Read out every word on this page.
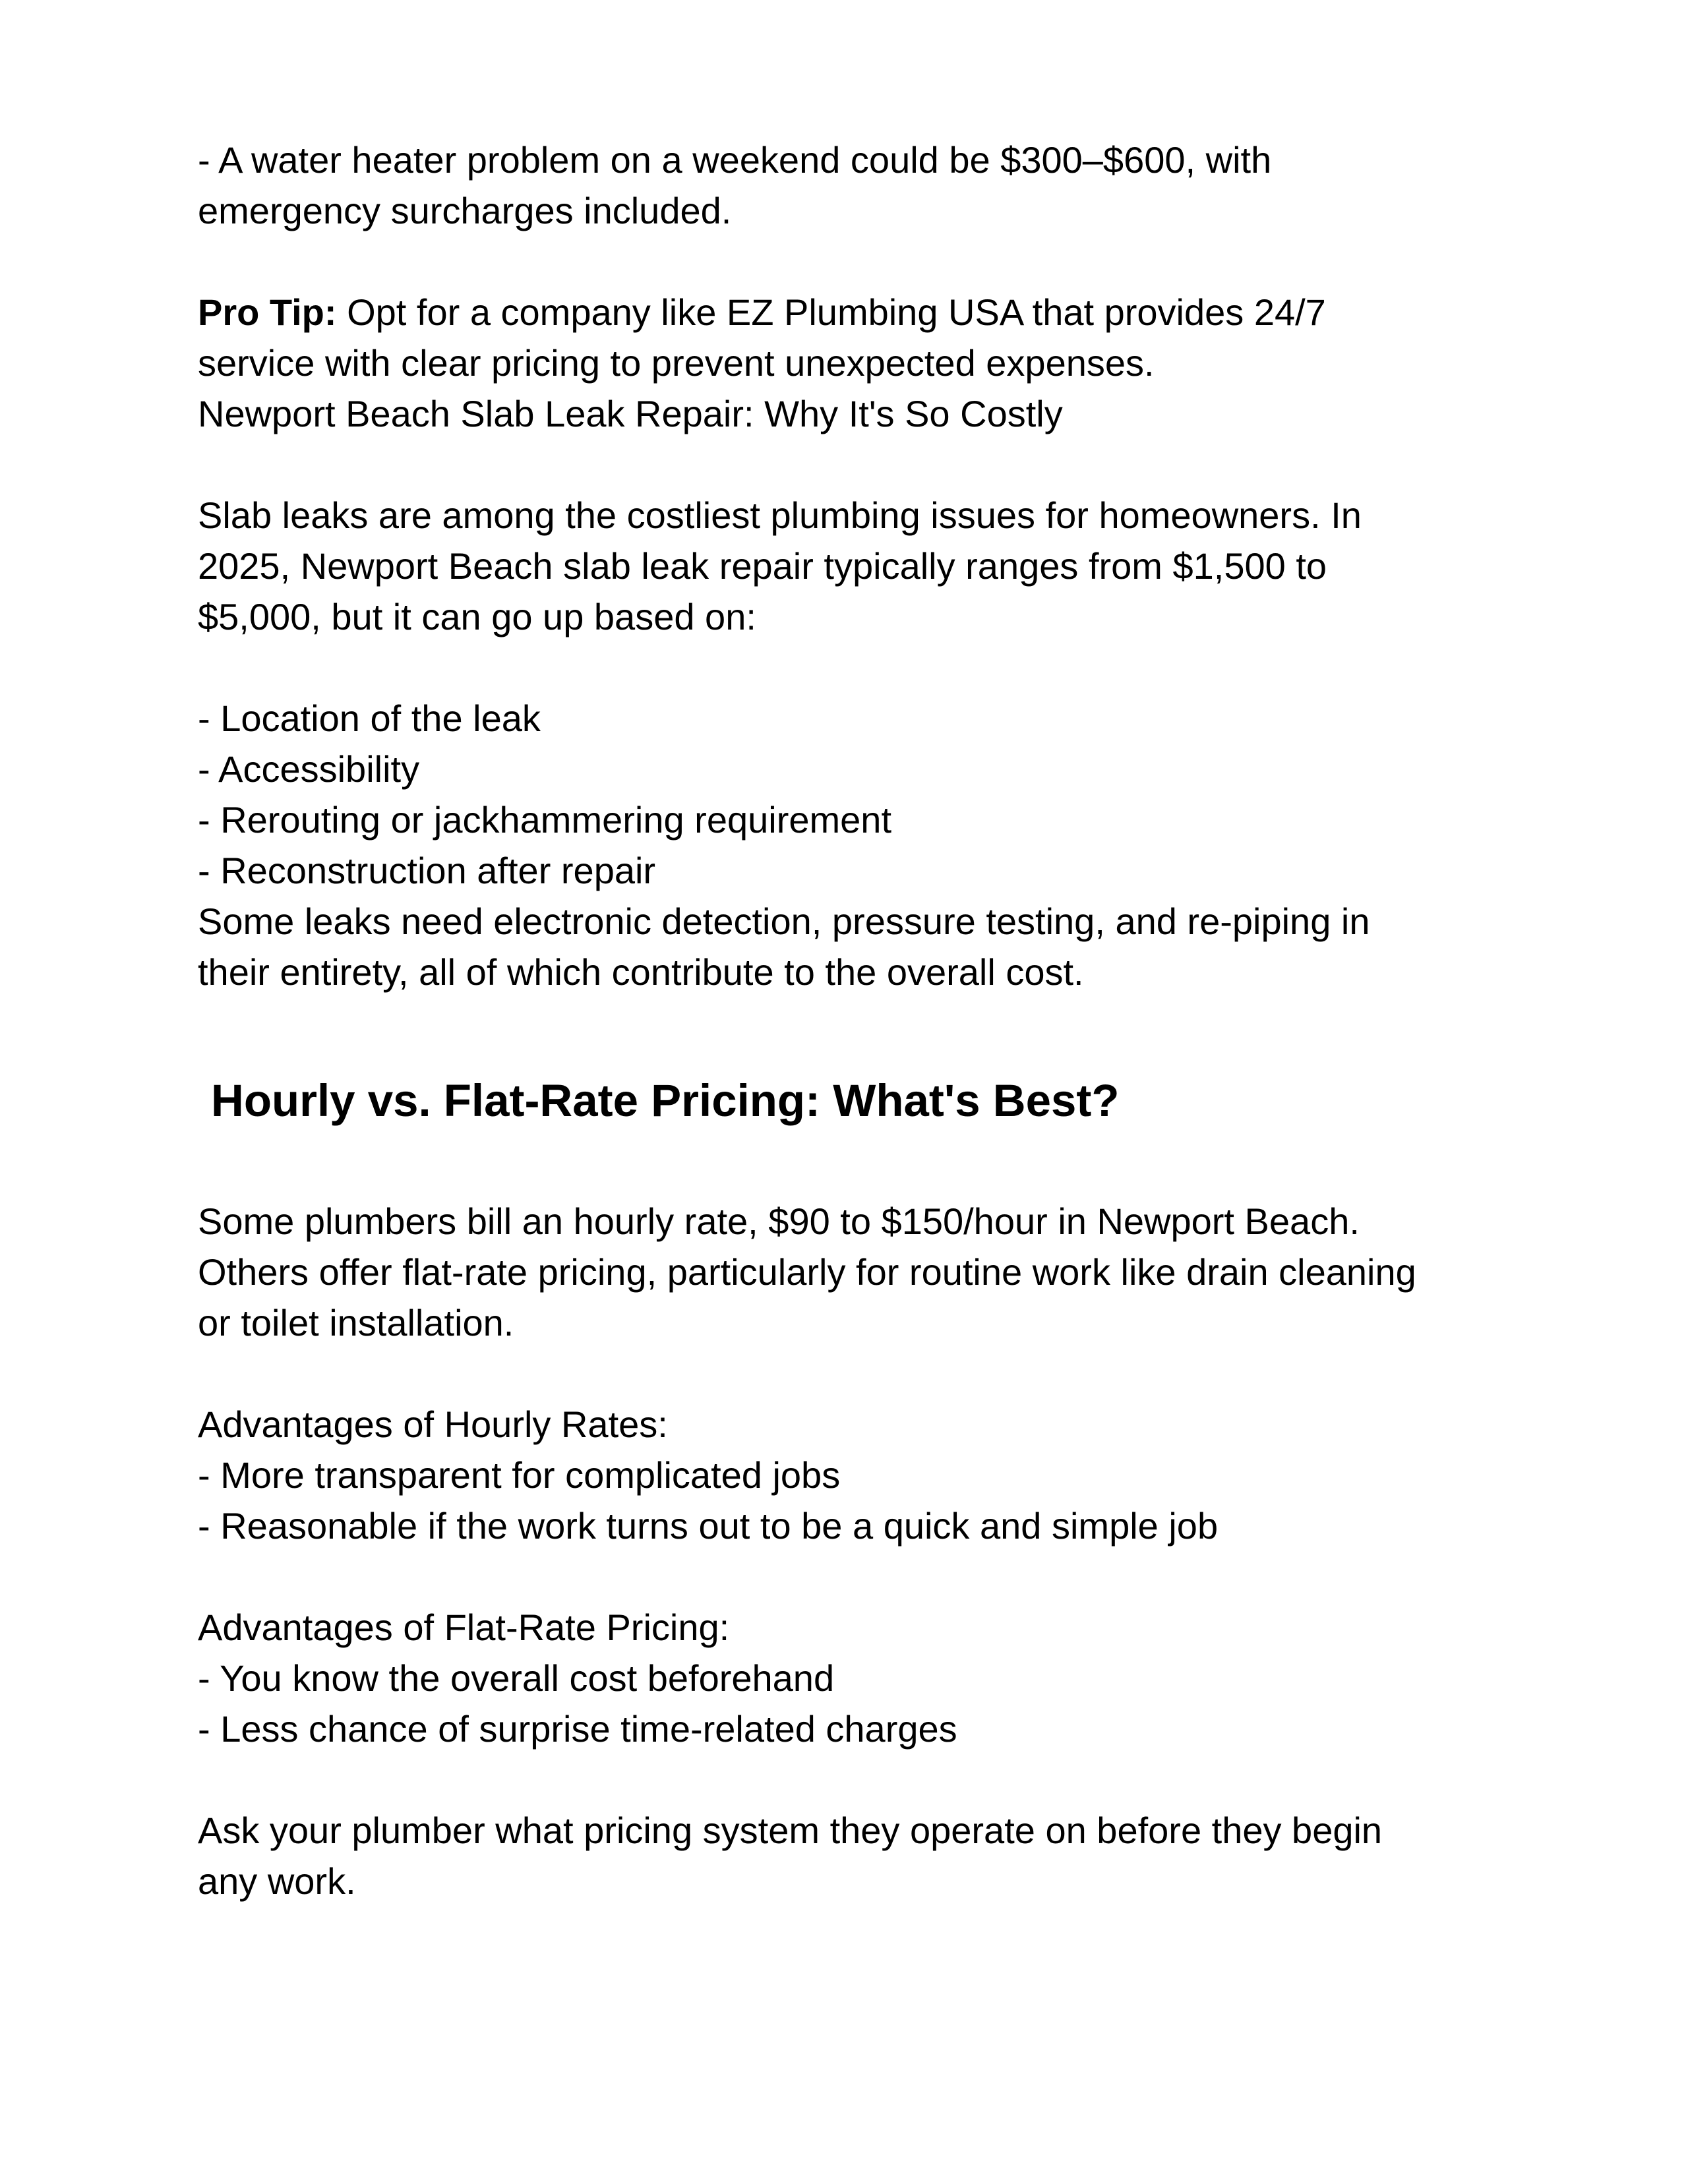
- A water heater problem on a weekend could be $300–$600, with

emergency surcharges included.

Pro Tip: Opt for a company like EZ Plumbing USA that provides 24/7

service with clear pricing to prevent unexpected expenses.

Newport Beach Slab Leak Repair: Why It's So Costly

Slab leaks are among the costliest plumbing issues for homeowners. In

2025, Newport Beach slab leak repair typically ranges from $1,500 to

$5,000, but it can go up based on:

- Location of the leak

- Accessibility

- Rerouting or jackhammering requirement

- Reconstruction after repair

Some leaks need electronic detection, pressure testing, and re-piping in

their entirety, all of which contribute to the overall cost.

Hourly vs. Flat-Rate Pricing: What's Best?

Some plumbers bill an hourly rate, $90 to $150/hour in Newport Beach.

Others offer flat-rate pricing, particularly for routine work like drain cleaning

or toilet installation.

Advantages of Hourly Rates:

- More transparent for complicated jobs

- Reasonable if the work turns out to be a quick and simple job

Advantages of Flat-Rate Pricing:

- You know the overall cost beforehand

- Less chance of surprise time-related charges

Ask your plumber what pricing system they operate on before they begin

any work.
